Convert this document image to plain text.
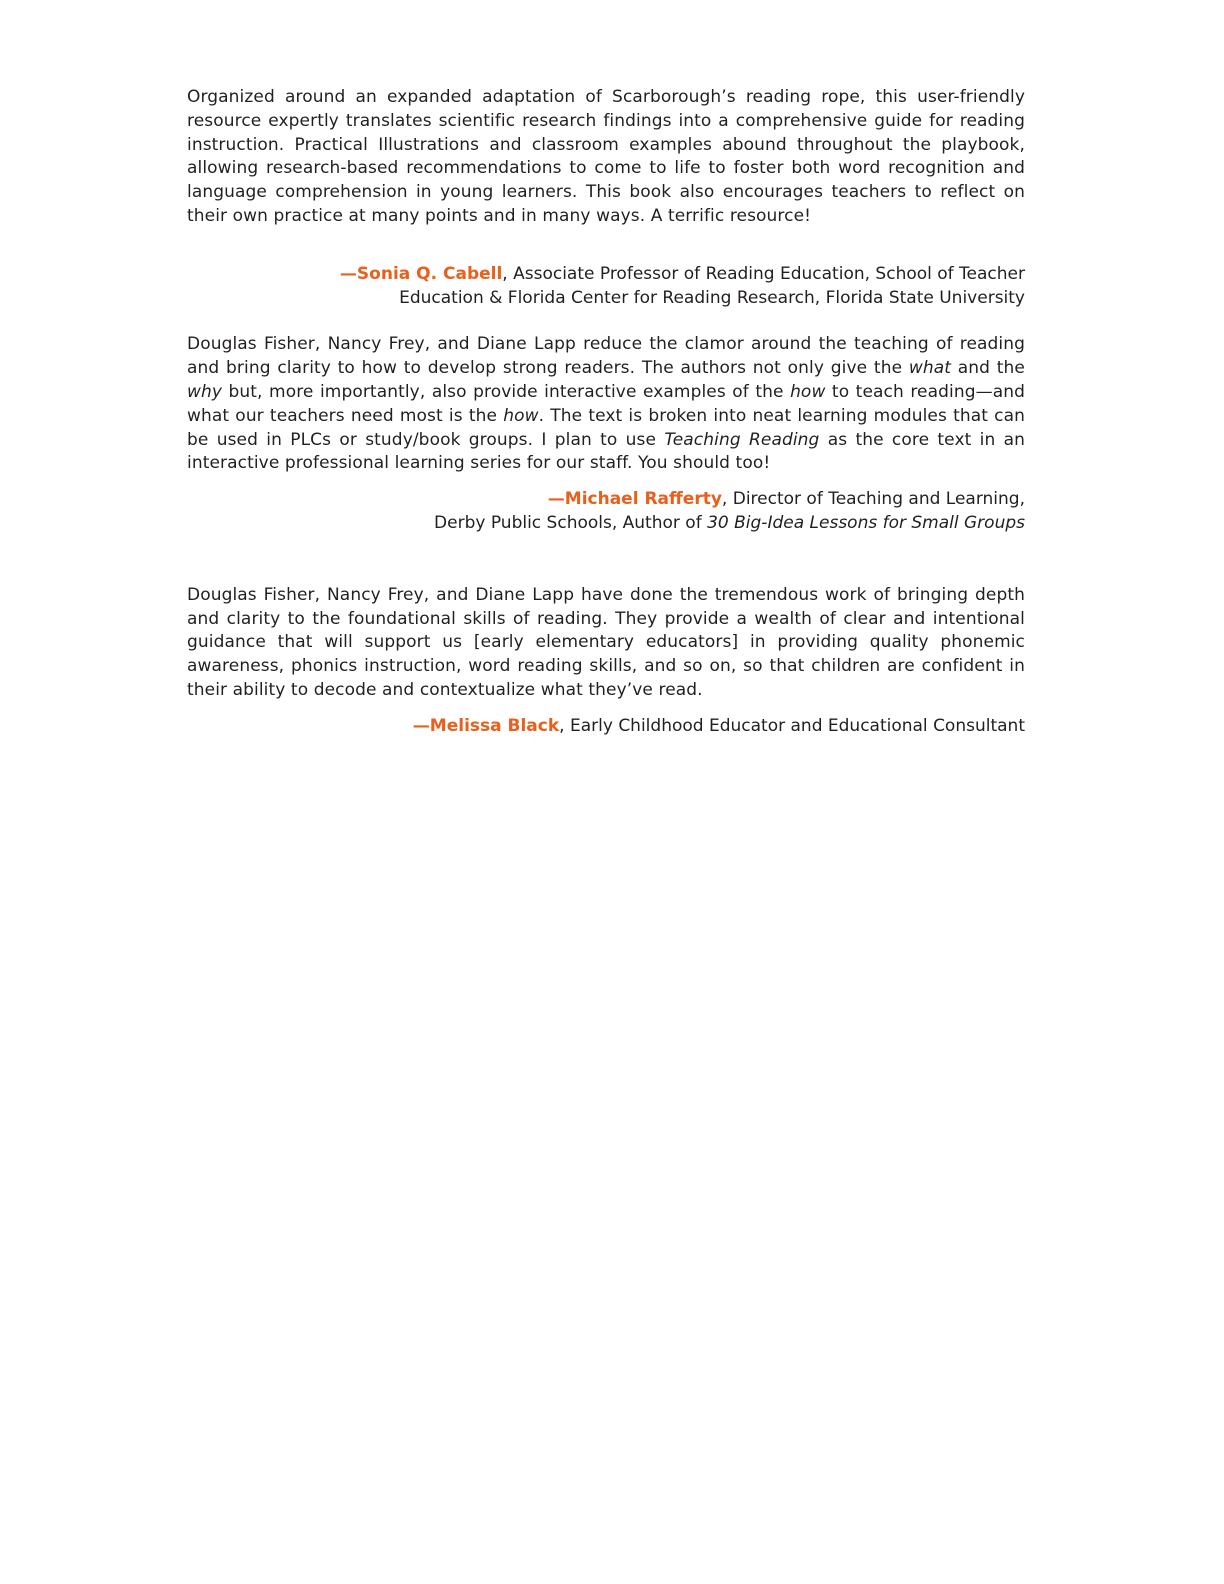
Organized around an expanded adaptation of Scarborough’s reading rope, this user-friendly resource expertly translates scientific research findings into a comprehensive guide for reading instruction. Practical Illustrations and classroom examples abound throughout the playbook, allowing research-based recommendations to come to life to foster both word recognition and language comprehension in young learners. This book also encourages teachers to reflect on their own practice at many points and in many ways. A terrific resource!

—Sonia Q. Cabell, Associate Professor of Reading Education, School of Teacher
Education & Florida Center for Reading Research, Florida State University

Douglas Fisher, Nancy Frey, and Diane Lapp reduce the clamor around the teaching of reading and bring clarity to how to develop strong readers. The authors not only give the what and the why but, more importantly, also provide interactive examples of the how to teach reading—and what our teachers need most is the how. The text is broken into neat learning modules that can be used in PLCs or study/book groups. I plan to use Teaching Reading as the core text in an interactive professional learning series for our staff. You should too!

—Michael Rafferty, Director of Teaching and Learning,
Derby Public Schools, Author of 30 Big-Idea Lessons for Small Groups

Douglas Fisher, Nancy Frey, and Diane Lapp have done the tremendous work of bringing depth and clarity to the foundational skills of reading. They provide a wealth of clear and intentional guidance that will support us [early elementary educators] in providing quality phonemic awareness, phonics instruction, word reading skills, and so on, so that children are confident in their ability to decode and contextualize what they’ve read.

—Melissa Black, Early Childhood Educator and Educational Consultant
